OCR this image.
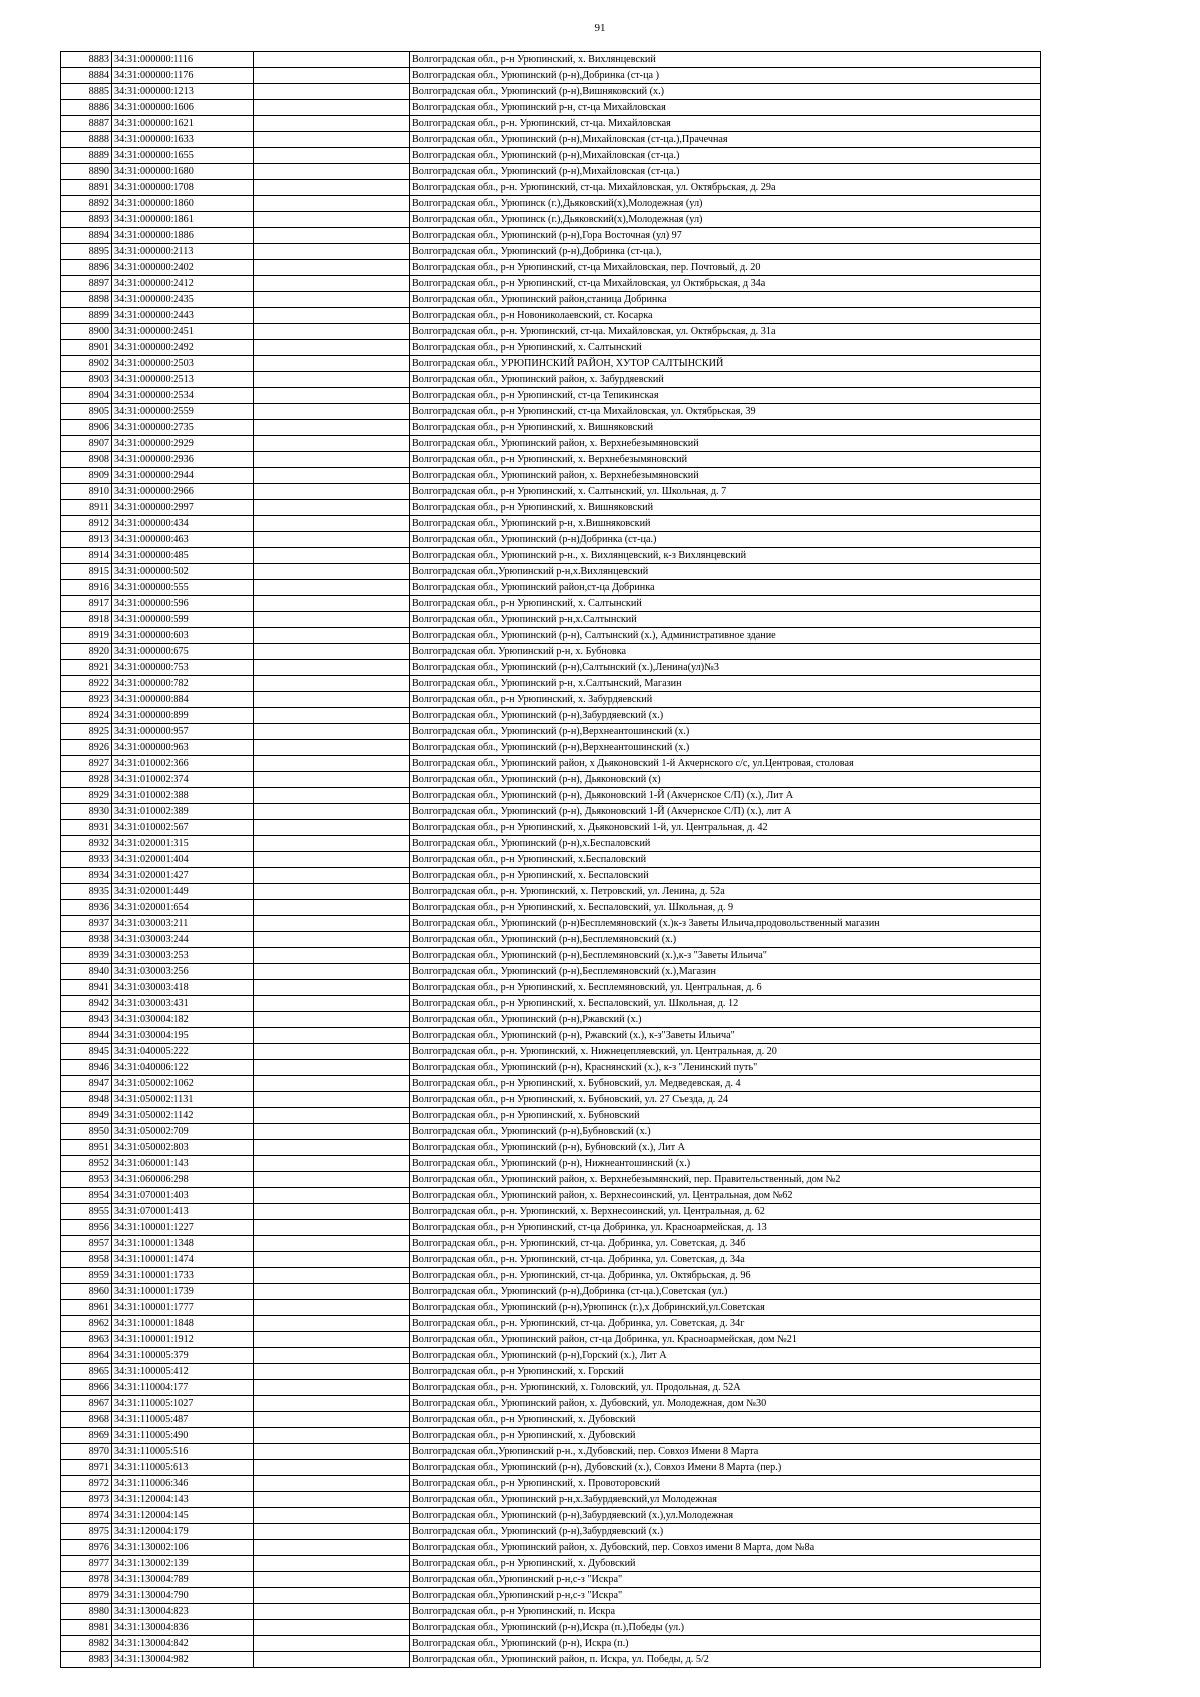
91
8883	34:31:000000:1116		Волгоградская обл., р-н Урюпинский, х. Вихлянцевский
8884	34:31:000000:1176		Волгоградская обл., Урюпинский (р-н),Добринка (ст-ца )
8885	34:31:000000:1213		Волгоградская обл., Урюпинский (р-н),Вишняковский (х.)
8886	34:31:000000:1606		Волгоградская обл., Урюпинский р-н, ст-ца Михайловская
8887	34:31:000000:1621		Волгоградская обл., р-н. Урюпинский, ст-ца. Михайловская
8888	34:31:000000:1633		Волгоградская обл., Урюпинский (р-н),Михайловская (ст-ца.),Прачечная
8889	34:31:000000:1655		Волгоградская обл., Урюпинский (р-н),Михайловская (ст-ца.)
8890	34:31:000000:1680		Волгоградская обл., Урюпинский (р-н),Михайловская (ст-ца.)
8891	34:31:000000:1708		Волгоградская обл., р-н. Урюпинский, ст-ца. Михайловская, ул. Октябрьская, д. 29а
8892	34:31:000000:1860		Волгоградская обл., Урюпинск (г.),Дьяковский(х),Молодежная (ул)
8893	34:31:000000:1861		Волгоградская обл., Урюпинск (г.),Дьяковский(х),Молодежная (ул)
8894	34:31:000000:1886		Волгоградская обл., Урюпинский (р-н),Гора Восточная (ул) 97
8895	34:31:000000:2113		Волгоградская обл., Урюпинский (р-н),Добринка (ст-ца.),
8896	34:31:000000:2402		Волгоградская обл., р-н Урюпинский, ст-ца Михайловская, пер. Почтовый, д. 20
8897	34:31:000000:2412		Волгоградская обл., р-н Урюпинский, ст-ца Михайловская, ул Октябрьская, д 34а
8898	34:31:000000:2435		Волгоградская обл., Урюпинский район,станица Добринка
8899	34:31:000000:2443		Волгоградская обл., р-н Новониколаевский, ст. Косарка
8900	34:31:000000:2451		Волгоградская обл., р-н. Урюпинский, ст-ца. Михайловская, ул. Октябрьская, д. 31а
8901	34:31:000000:2492		Волгоградская обл., р-н Урюпинский, х. Салтынский
8902	34:31:000000:2503		Волгоградская обл., УРЮПИНСКИЙ РАЙОН, ХУТОР САЛТЫНСКИЙ
8903	34:31:000000:2513		Волгоградская обл., Урюпинский район, х. Забурдяевский
8904	34:31:000000:2534		Волгоградская обл., р-н Урюпинский, ст-ца Тепикинская
8905	34:31:000000:2559		Волгоградская обл., р-н Урюпинский, ст-ца Михайловская, ул. Октябрьская, 39
8906	34:31:000000:2735		Волгоградская обл., р-н Урюпинский, х. Вишняковский
8907	34:31:000000:2929		Волгоградская обл., Урюпинский район, х. Верхнебезымяновский
8908	34:31:000000:2936		Волгоградская обл., р-н Урюпинский, х. Верхнебезымяновский
8909	34:31:000000:2944		Волгоградская обл., Урюпинский район, х. Верхнебезымяновский
8910	34:31:000000:2966		Волгоградская обл., р-н Урюпинский, х. Салтынский, ул. Школьная, д. 7
8911	34:31:000000:2997		Волгоградская обл., р-н Урюпинский, х. Вишняковский
8912	34:31:000000:434		Волгоградская обл., Урюпинский р-н, х.Вишняковский
8913	34:31:000000:463		Волгоградская обл., Урюпинский (р-н)Добринка (ст-ца.)
8914	34:31:000000:485		Волгоградская обл., Урюпинский р-н., х. Вихлянцевский, к-з Вихлянцевский
8915	34:31:000000:502		Волгоградская обл.,Урюпинский р-н,х.Вихлянцевский
8916	34:31:000000:555		Волгоградская обл., Урюпинский район,ст-ца Добринка
8917	34:31:000000:596		Волгоградская обл., р-н Урюпинский, х. Салтынский
8918	34:31:000000:599		Волгоградская обл., Урюпинский р-н,х.Салтынский
8919	34:31:000000:603		Волгоградская обл., Урюпинский (р-н), Салтынский (х.), Административное здание
8920	34:31:000000:675		Волгоградская обл. Урюпинский р-н, х. Бубновка
8921	34:31:000000:753		Волгоградская обл., Урюпинский (р-н),Салтынский (х.),Ленина(ул)№3
8922	34:31:000000:782		Волгоградская обл., Урюпинский р-н, х.Салтынский, Магазин
8923	34:31:000000:884		Волгоградская обл., р-н Урюпинский, х. Забурдяевский
8924	34:31:000000:899		Волгоградская обл., Урюпинский (р-н),Забурдяевский (х.)
8925	34:31:000000:957		Волгоградская обл., Урюпинский (р-н),Верхнеантошинский (х.)
8926	34:31:000000:963		Волгоградская обл., Урюпинский (р-н),Верхнеантошинский (х.)
8927	34:31:010002:366		Волгоградская обл., Урюпинский район, х Дьяконовский 1-й Акчернского с/с, ул.Центровая, столовая
8928	34:31:010002:374		Волгоградская обл., Урюпинский (р-н), Дьяконовский (х)
8929	34:31:010002:388		Волгоградская обл., Урюпинский (р-н), Дьяконовский 1-Й (Акчернское С/П) (х.), Лит А
8930	34:31:010002:389		Волгоградская обл., Урюпинский (р-н), Дьяконовский 1-Й (Акчернское С/П) (х.), лит А
8931	34:31:010002:567		Волгоградская обл., р-н Урюпинский, х. Дьяконовский 1-й, ул. Центральная, д. 42
8932	34:31:020001:315		Волгоградская обл., Урюпинский (р-н),х.Беспаловский
8933	34:31:020001:404		Волгоградская обл., р-н Урюпинский, х.Беспаловский
8934	34:31:020001:427		Волгоградская обл., р-н Урюпинский, х. Беспаловский
8935	34:31:020001:449		Волгоградская обл., р-н. Урюпинский, х. Петровский, ул. Ленина, д. 52а
8936	34:31:020001:654		Волгоградская обл., р-н Урюпинский, х. Беспаловский, ул. Школьная, д. 9
8937	34:31:030003:211		Волгоградская обл., Урюпинский (р-н)Бесплемяновский (х.)к-з Заветы Ильича,продовольственный магазин
8938	34:31:030003:244		Волгоградская обл., Урюпинский (р-н),Бесплемяновский (х.)
8939	34:31:030003:253		Волгоградская обл., Урюпинский (р-н),Бесплемяновский (х.),к-з "Заветы Ильича"
8940	34:31:030003:256		Волгоградская обл., Урюпинский (р-н),Бесплемяновский (х.),Магазин
8941	34:31:030003:418		Волгоградская обл., р-н Урюпинский, х. Бесплемяновский, ул. Центральная, д. 6
8942	34:31:030003:431		Волгоградская обл., р-н Урюпинский, х. Беспаловский, ул. Школьная, д. 12
8943	34:31:030004:182		Волгоградская обл., Урюпинский (р-н),Ржавский (х.)
8944	34:31:030004:195		Волгоградская обл., Урюпинский (р-н), Ржавский (х.), к-з"Заветы Ильича"
8945	34:31:040005:222		Волгоградская обл., р-н. Урюпинский, х. Нижнецепляевский, ул. Центральная, д. 20
8946	34:31:040006:122		Волгоградская обл., Урюпинский (р-н), Краснянский (х.), к-з "Ленинский путь"
8947	34:31:050002:1062		Волгоградская обл., р-н Урюпинский, х. Бубновский, ул. Медведевская, д. 4
8948	34:31:050002:1131		Волгоградская обл., р-н Урюпинский, х. Бубновский, ул. 27 Съезда, д. 24
8949	34:31:050002:1142		Волгоградская обл., р-н Урюпинский, х. Бубновский
8950	34:31:050002:709		Волгоградская обл., Урюпинский (р-н),Бубновский (х.)
8951	34:31:050002:803		Волгоградская обл., Урюпинский (р-н), Бубновский (х.), Лит А
8952	34:31:060001:143		Волгоградская обл., Урюпинский (р-н), Нижнеантошинский (х.)
8953	34:31:060006:298		Волгоградская обл., Урюпинский район, х. Верхнебезымянский, пер. Правительственный, дом №2
8954	34:31:070001:403		Волгоградская обл., Урюпинский район, х. Верхнесоинский, ул. Центральная, дом №62
8955	34:31:070001:413		Волгоградская обл., р-н. Урюпинский, х. Верхнесоинский, ул. Центральная, д. 62
8956	34:31:100001:1227		Волгоградская обл., р-н Урюпинский, ст-ца Добринка, ул. Красноармейская, д. 13
8957	34:31:100001:1348		Волгоградская обл., р-н. Урюпинский, ст-ца. Добринка, ул. Советская, д. 34б
8958	34:31:100001:1474		Волгоградская обл., р-н. Урюпинский, ст-ца. Добринка, ул. Советская, д. 34а
8959	34:31:100001:1733		Волгоградская обл., р-н. Урюпинский, ст-ца. Добринка, ул. Октябрьская, д. 96
8960	34:31:100001:1739		Волгоградская обл., Урюпинский (р-н),Добринка (ст-ца.),Советская (ул.)
8961	34:31:100001:1777		Волгоградская обл., Урюпинский (р-н),Урюпинск (г.),х Добринский,ул.Советская
8962	34:31:100001:1848		Волгоградская обл., р-н. Урюпинский, ст-ца. Добринка, ул. Советская, д. 34г
8963	34:31:100001:1912		Волгоградская обл., Урюпинский район, ст-ца Добринка, ул. Красноармейская, дом №21
8964	34:31:100005:379		Волгоградская обл., Урюпинский (р-н),Горский (х.), Лит А
8965	34:31:100005:412		Волгоградская обл., р-н Урюпинский, х. Горский
8966	34:31:110004:177		Волгоградская обл., р-н. Урюпинский, х. Головский, ул. Продольная, д. 52А
8967	34:31:110005:1027		Волгоградская обл., Урюпинский район, х. Дубовский, ул. Молодежная, дом №30
8968	34:31:110005:487		Волгоградская обл., р-н Урюпинский, х. Дубовский
8969	34:31:110005:490		Волгоградская обл., р-н Урюпинский, х. Дубовский
8970	34:31:110005:516		Волгоградская обл.,Урюпинский р-н., х.Дубовский, пер. Совхоз Имени 8 Марта
8971	34:31:110005:613		Волгоградская обл., Урюпинский (р-н), Дубовский (х.), Совхоз Имени 8 Марта (пер.)
8972	34:31:110006:346		Волгоградская обл., р-н Урюпинский, х. Провоторовский
8973	34:31:120004:143		Волгоградская обл., Урюпинский р-н,х.Забурдяевский,ул Молодежная
8974	34:31:120004:145		Волгоградская обл., Урюпинский (р-н),Забурдяевский (х.),ул.Молодежная
8975	34:31:120004:179		Волгоградская обл., Урюпинский (р-н),Забурдяевский (х.)
8976	34:31:130002:106		Волгоградская обл., Урюпинский район, х. Дубовский, пер. Совхоз имени 8 Марта, дом №8а
8977	34:31:130002:139		Волгоградская обл., р-н Урюпинский, х. Дубовский
8978	34:31:130004:789		Волгоградская обл.,Урюпинский р-н,с-з "Искра"
8979	34:31:130004:790		Волгоградская обл.,Урюпинский р-н,с-з "Искра"
8980	34:31:130004:823		Волгоградская обл., р-н Урюпинский, п. Искра
8981	34:31:130004:836		Волгоградская обл., Урюпинский (р-н),Искра (п.),Победы (ул.)
8982	34:31:130004:842		Волгоградская обл., Урюпинский (р-н), Искра (п.)
8983	34:31:130004:982		Волгоградская обл., Урюпинский район, п. Искра, ул. Победы, д. 5/2
